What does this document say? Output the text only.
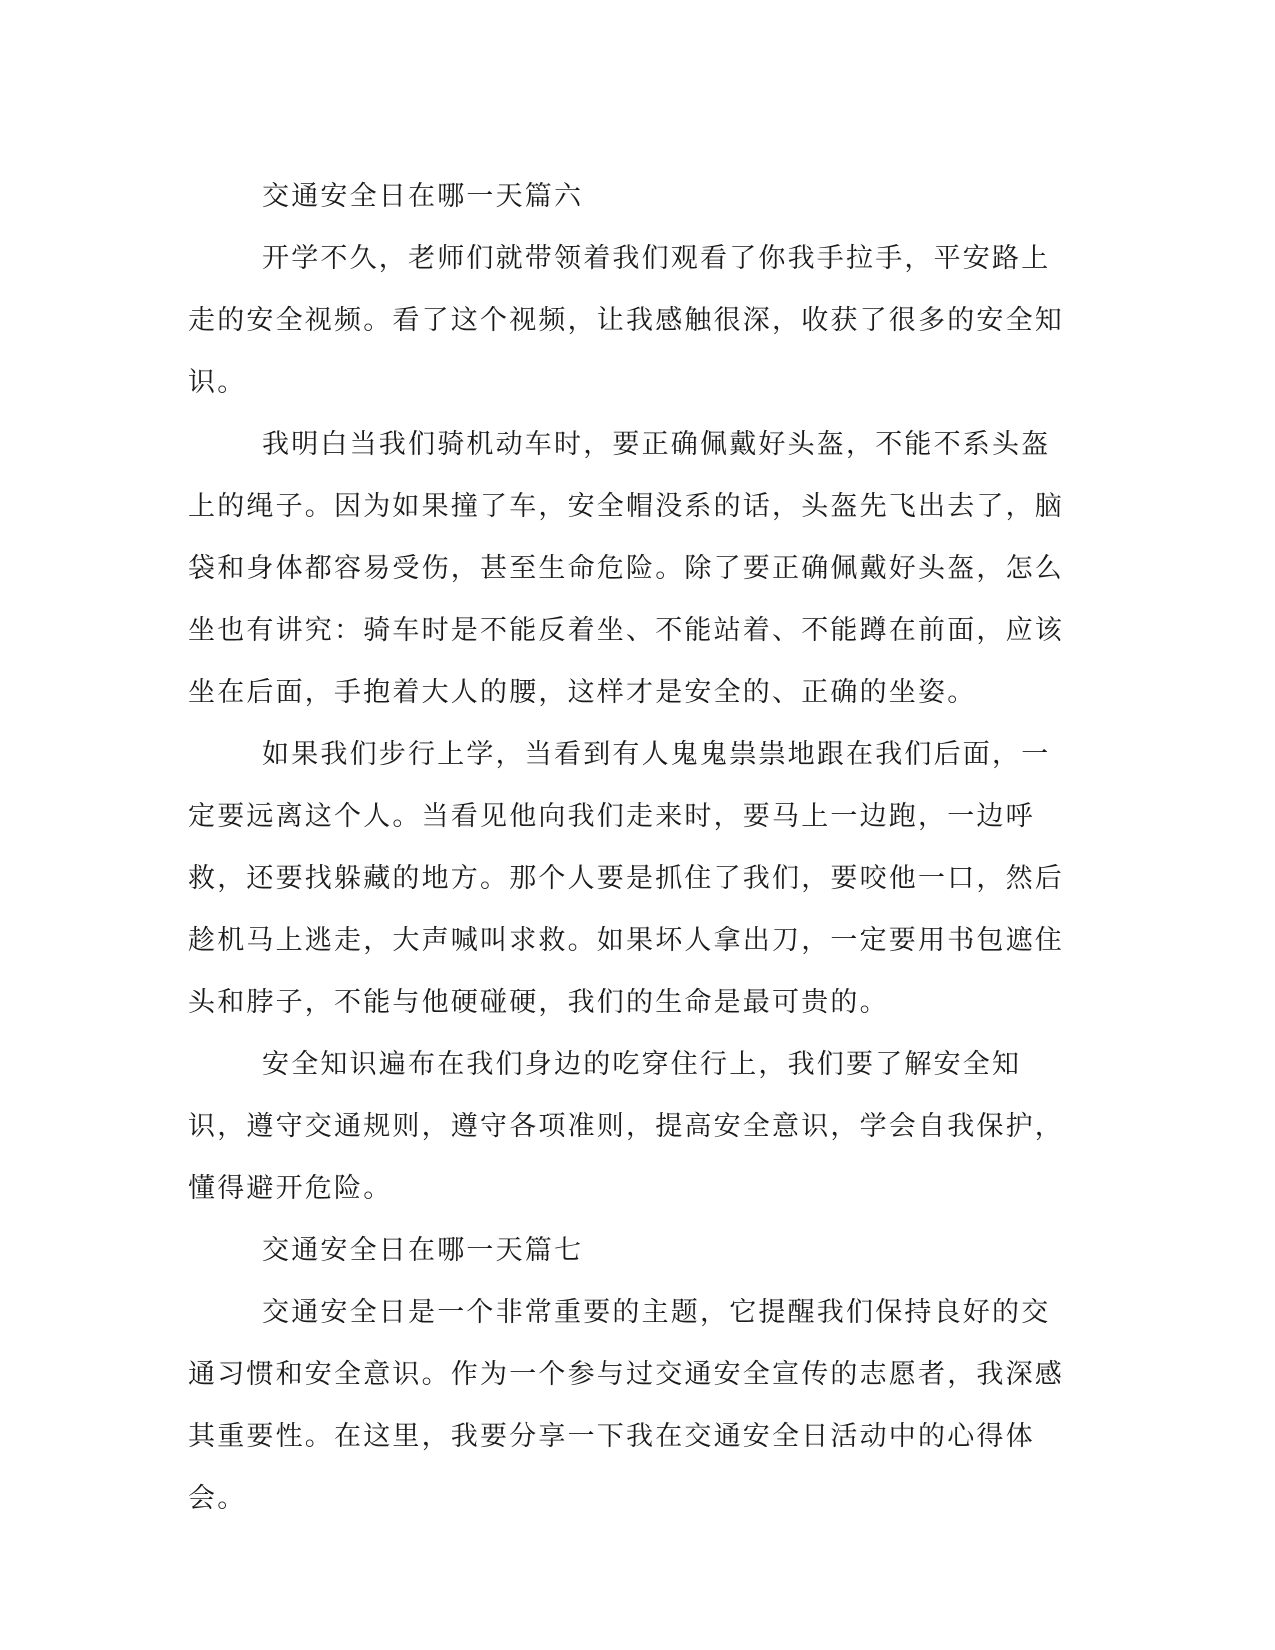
交通安全日在哪一天篇六

开学不久，老师们就带领着我们观看了你我手拉手，平安路上走的安全视频。看了这个视频，让我感触很深，收获了很多的安全知识。

我明白当我们骑机动车时，要正确佩戴好头盔，不能不系头盔上的绳子。因为如果撞了车，安全帽没系的话，头盔先飞出去了，脑袋和身体都容易受伤，甚至生命危险。除了要正确佩戴好头盔，怎么坐也有讲究：骑车时是不能反着坐、不能站着、不能蹲在前面，应该坐在后面，手抱着大人的腰，这样才是安全的、正确的坐姿。

如果我们步行上学，当看到有人鬼鬼祟祟地跟在我们后面，一定要远离这个人。当看见他向我们走来时，要马上一边跑，一边呼救，还要找躲藏的地方。那个人要是抓住了我们，要咬他一口，然后趁机马上逃走，大声喊叫求救。如果坏人拿出刀，一定要用书包遮住头和脖子，不能与他硬碰硬，我们的生命是最可贵的。

安全知识遍布在我们身边的吃穿住行上，我们要了解安全知识，遵守交通规则，遵守各项准则，提高安全意识，学会自我保护，懂得避开危险。

交通安全日在哪一天篇七

交通安全日是一个非常重要的主题，它提醒我们保持良好的交通习惯和安全意识。作为一个参与过交通安全宣传的志愿者，我深感其重要性。在这里，我要分享一下我在交通安全日活动中的心得体会。
